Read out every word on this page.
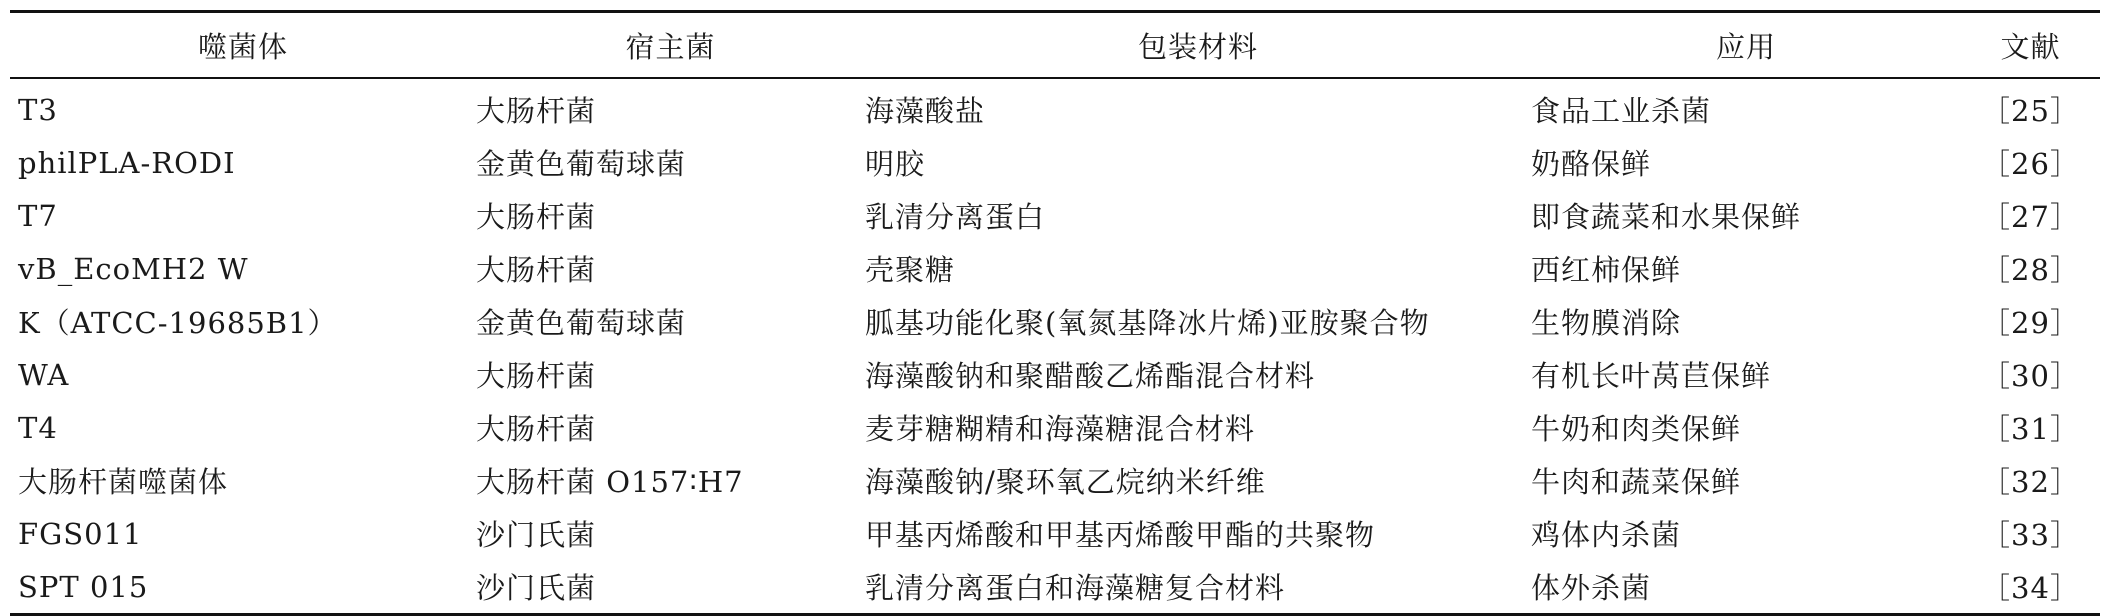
噬菌体	宿主菌	包装材料	应用	文献
T3	大肠杆菌	海藻酸盐	食品工业杀菌	［25］
philPLA-RODI	金黄色葡萄球菌	明胶	奶酪保鲜	［26］
T7	大肠杆菌	乳清分离蛋白	即食蔬菜和水果保鲜	［27］
vB_EcoMH2 W	大肠杆菌	壳聚糖	西红柿保鲜	［28］
K（ATCC-19685B1）	金黄色葡萄球菌	胍基功能化聚(氧氮基降冰片烯)亚胺聚合物	生物膜消除	［29］
WA	大肠杆菌	海藻酸钠和聚醋酸乙烯酯混合材料	有机长叶莴苣保鲜	［30］
T4	大肠杆菌	麦芽糖糊精和海藻糖混合材料	牛奶和肉类保鲜	［31］
大肠杆菌噬菌体	大肠杆菌 O157∶H7	海藻酸钠/聚环氧乙烷纳米纤维	牛肉和蔬菜保鲜	［32］
FGS011	沙门氏菌	甲基丙烯酸和甲基丙烯酸甲酯的共聚物	鸡体内杀菌	［33］
SPT 015	沙门氏菌	乳清分离蛋白和海藻糖复合材料	体外杀菌	［34］
